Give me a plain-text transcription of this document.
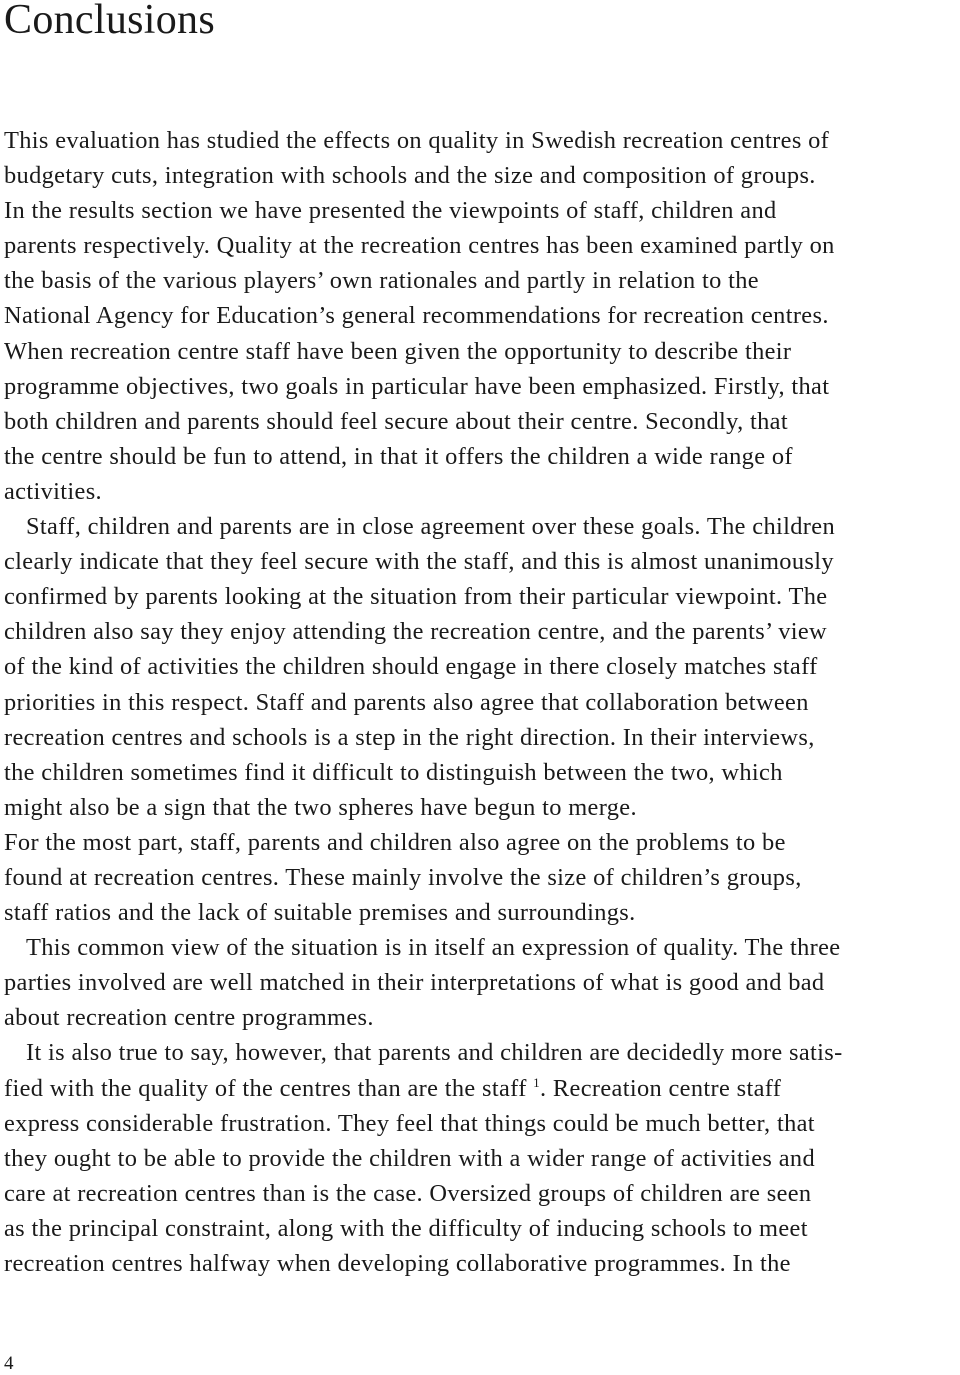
Conclusions
This evaluation has studied the effects on quality in Swedish recreation centres of
budgetary cuts, integration with schools and the size and composition of groups.
In the results section we have presented the viewpoints of staff, children and
parents respectively. Quality at the recreation centres has been examined partly on
the basis of the various players’ own rationales and partly in relation to the
National Agency for Education’s general recommendations for recreation centres.
When recreation centre staff have been given the opportunity to describe their
programme objectives, two goals in particular have been emphasized. Firstly, that
both children and parents should feel secure about their centre. Secondly, that
the centre should be fun to attend, in that it offers the children a wide range of
activities.
Staff, children and parents are in close agreement over these goals. The children
clearly indicate that they feel secure with the staff, and this is almost unanimously
confirmed by parents looking at the situation from their particular viewpoint. The
children also say they enjoy attending the recreation centre, and the parents’ view
of the kind of activities the children should engage in there closely matches staff
priorities in this respect. Staff and parents also agree that collaboration between
recreation centres and schools is a step in the right direction. In their interviews,
the children sometimes find it difficult to distinguish between the two, which
might also be a sign that the two spheres have begun to merge.
For the most part, staff, parents and children also agree on the problems to be
found at recreation centres. These mainly involve the size of children’s groups,
staff ratios and the lack of suitable premises and surroundings.
This common view of the situation is in itself an expression of quality. The three
parties involved are well matched in their interpretations of what is good and bad
about recreation centre programmes.
It is also true to say, however, that parents and children are decidedly more satis-
fied with the quality of the centres than are the staff $^1$. Recreation centre staff
express considerable frustration. They feel that things could be much better, that
they ought to be able to provide the children with a wider range of activities and
care at recreation centres than is the case. Oversized groups of children are seen
as the principal constraint, along with the difficulty of inducing schools to meet
recreation centres halfway when developing collaborative programmes. In the
4
